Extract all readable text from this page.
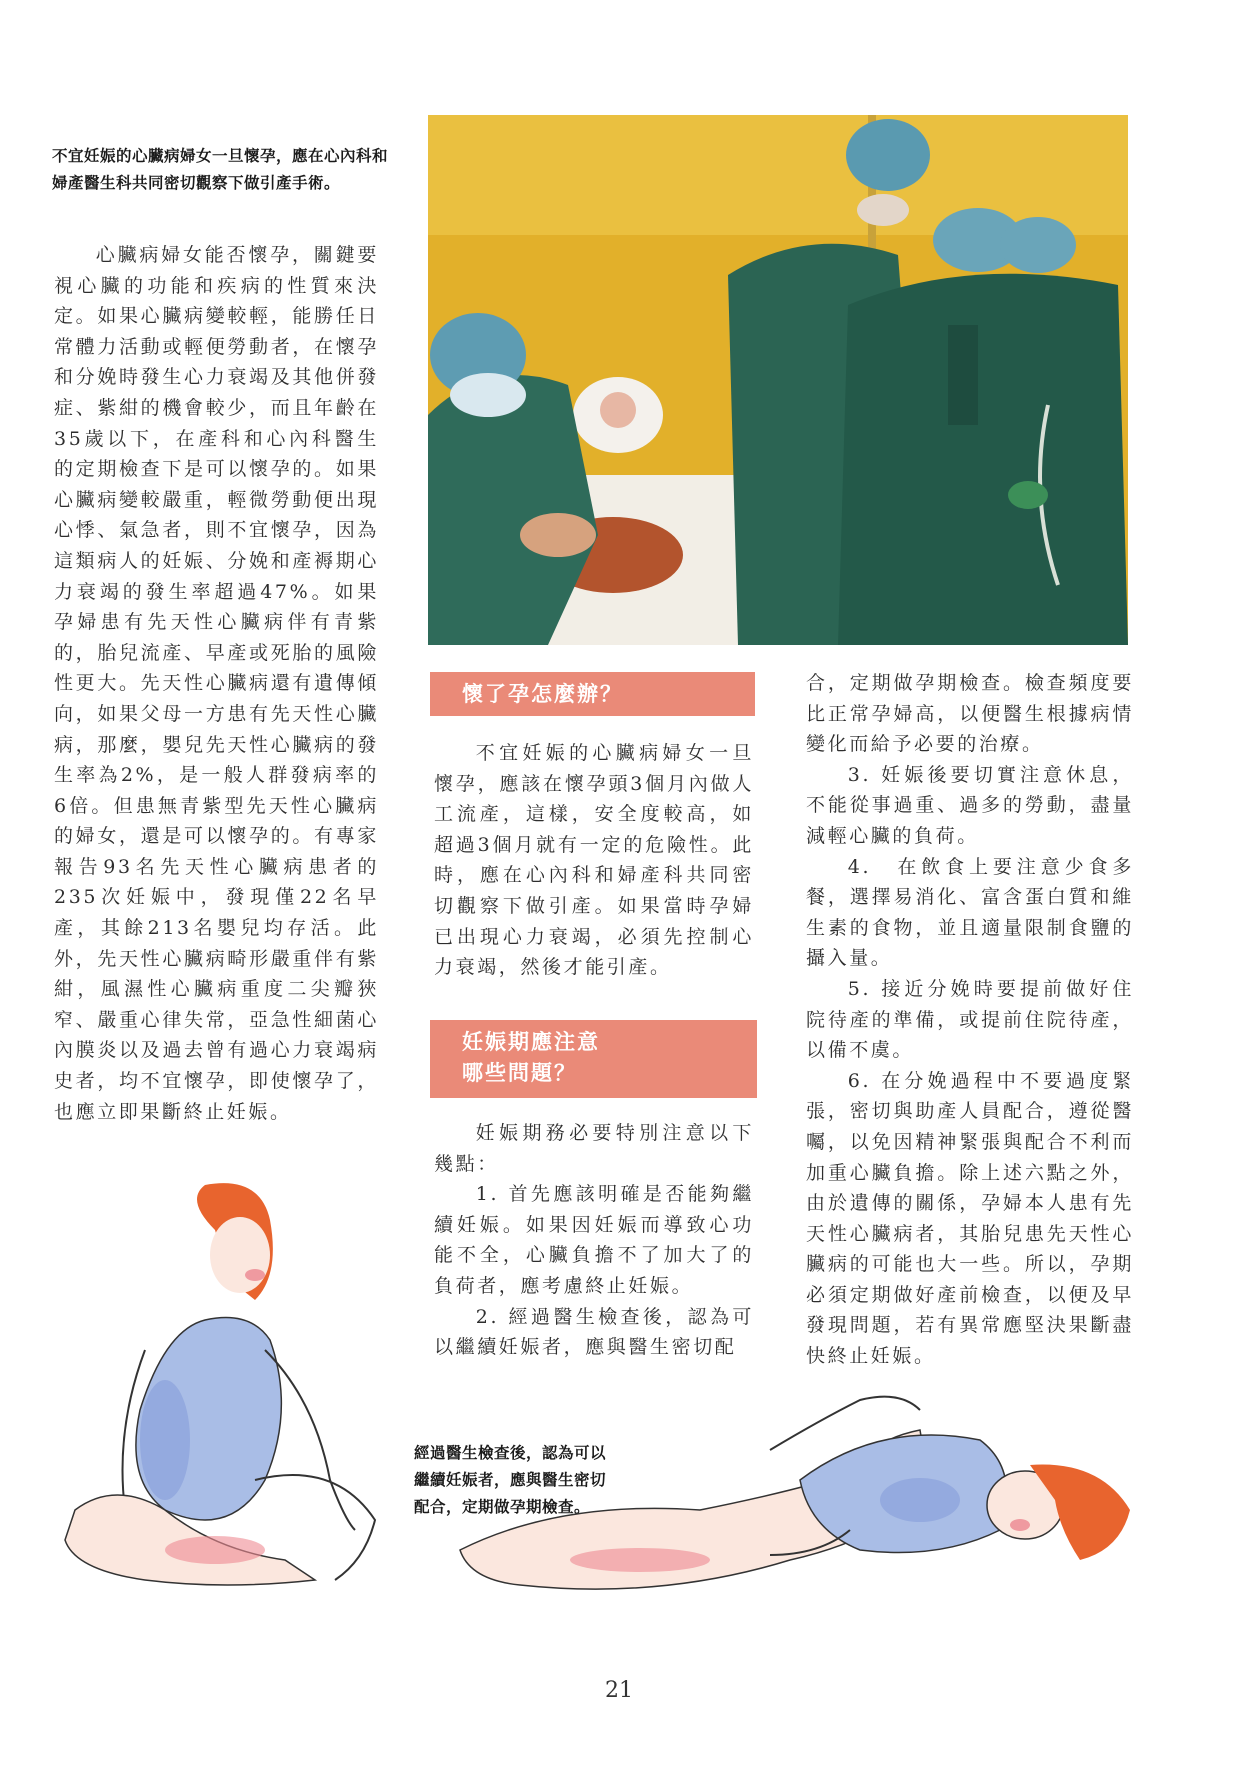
不宜妊娠的心臟病婦女一旦懷孕，應在心內科和
婦產醫生科共同密切觀察下做引產手術。

心臟病婦女能否懷孕，關鍵要視心臟的功能和疾病的性質來決定。如果心臟病變較輕，能勝任日常體力活動或輕便勞動者，在懷孕和分娩時發生心力衰竭及其他併發症、紫紺的機會較少，而且年齡在35歲以下，在產科和心內科醫生的定期檢查下是可以懷孕的。如果心臟病變較嚴重，輕微勞動便出現心悸、氣急者，則不宜懷孕，因為這類病人的妊娠、分娩和產褥期心力衰竭的發生率超過47%。如果孕婦患有先天性心臟病伴有青紫的，胎兒流產、早產或死胎的風險性更大。先天性心臟病還有遺傳傾向，如果父母一方患有先天性心臟病，那麼，嬰兒先天性心臟病的發生率為2%，是一般人群發病率的6倍。但患無青紫型先天性心臟病的婦女，還是可以懷孕的。有專家報告93名先天性心臟病患者的235次妊娠中，發現僅22名早產，其餘213名嬰兒均存活。此外，先天性心臟病畸形嚴重伴有紫紺，風濕性心臟病重度二尖瓣狹窄、嚴重心律失常，亞急性細菌心內膜炎以及過去曾有過心力衰竭病史者，均不宜懷孕，即使懷孕了，也應立即果斷終止妊娠。

懷了孕怎麼辦？

不宜妊娠的心臟病婦女一旦懷孕，應該在懷孕頭3個月內做人工流產，這樣，安全度較高，如超過3個月就有一定的危險性。此時，應在心內科和婦產科共同密切觀察下做引產。如果當時孕婦已出現心力衰竭，必須先控制心力衰竭，然後才能引產。

妊娠期應注意
哪些問題？

妊娠期務必要特別注意以下幾點：

1. 首先應該明確是否能夠繼續妊娠。如果因妊娠而導致心功能不全，心臟負擔不了加大了的負荷者，應考慮終止妊娠。

2. 經過醫生檢查後，認為可以繼續妊娠者，應與醫生密切配

合，定期做孕期檢查。檢查頻度要比正常孕婦高，以便醫生根據病情變化而給予必要的治療。

3. 妊娠後要切實注意休息，不能從事過重、過多的勞動，盡量減輕心臟的負荷。

4.　在飲食上要注意少食多餐，選擇易消化、富含蛋白質和維生素的食物，並且適量限制食鹽的攝入量。

5. 接近分娩時要提前做好住院待產的準備，或提前住院待產，以備不虞。

6. 在分娩過程中不要過度緊張，密切與助產人員配合，遵從醫囑，以免因精神緊張與配合不利而加重心臟負擔。除上述六點之外，由於遺傳的關係，孕婦本人患有先天性心臟病者，其胎兒患先天性心臟病的可能也大一些。所以，孕期必須定期做好產前檢查，以便及早發現問題，若有異常應堅決果斷盡快終止妊娠。

經過醫生檢查後，認為可以
繼續妊娠者，應與醫生密切
配合，定期做孕期檢查。
21
